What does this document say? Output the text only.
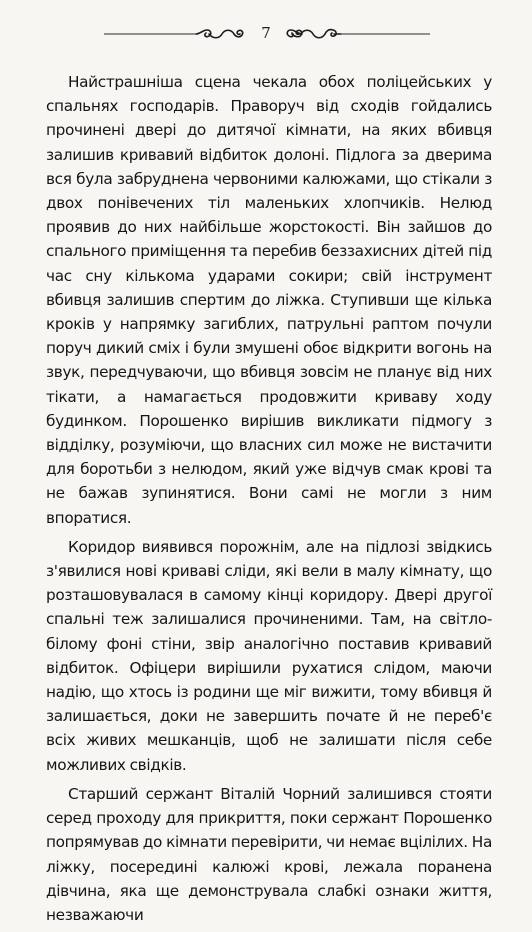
7

Найстрашніша сцена чекала обох поліцейських у спальнях господарів. Праворуч від сходів гойдались прочинені двері до дитячої кімнати, на яких вбивця залишив кривавий відбиток долоні. Підлога за дверима вся була забруднена червоними калюжами, що стікали з двох понівечених тіл маленьких хлопчиків. Нелюд проявив до них найбільше жорстокості. Він зайшов до спального приміщення та перебив беззахисних дітей під час сну кількома ударами сокири; свій інструмент вбивця залишив спертим до ліжка. Ступивши ще кілька кроків у напрямку загиблих, патрульні раптом почули поруч дикий сміх і були змушені обоє відкрити вогонь на звук, передчуваючи, що вбивця зовсім не планує від них тікати, а намагається продовжити криваву ходу будинком. Порошенко вирішив викликати підмогу з відділку, розуміючи, що власних сил може не вистачити для боротьби з нелюдом, який уже відчув смак крові та не бажав зупинятися. Вони самі не могли з ним впоратися.

Коридор виявився порожнім, але на підлозі звідкись з'явилися нові криваві сліди, які вели в малу кімнату, що розташовувалася в самому кінці коридору. Двері другої спальні теж залишалися прочиненими. Там, на світло-білому фоні стіни, звір аналогічно поставив кривавий відбиток. Офіцери вирішили рухатися слідом, маючи надію, що хтось із родини ще міг вижити, тому вбивця й залишається, доки не завершить почате й не переб'є всіх живих мешканців, щоб не залишати після себе можливих свідків.

Старший сержант Віталій Чорний залишився стояти серед проходу для прикриття, поки сержант Порошенко попрямував до кімнати перевірити, чи немає вцілілих. На ліжку, посередині калюжі крові, лежала поранена дівчина, яка ще демонструвала слабкі ознаки життя, незважаючи
